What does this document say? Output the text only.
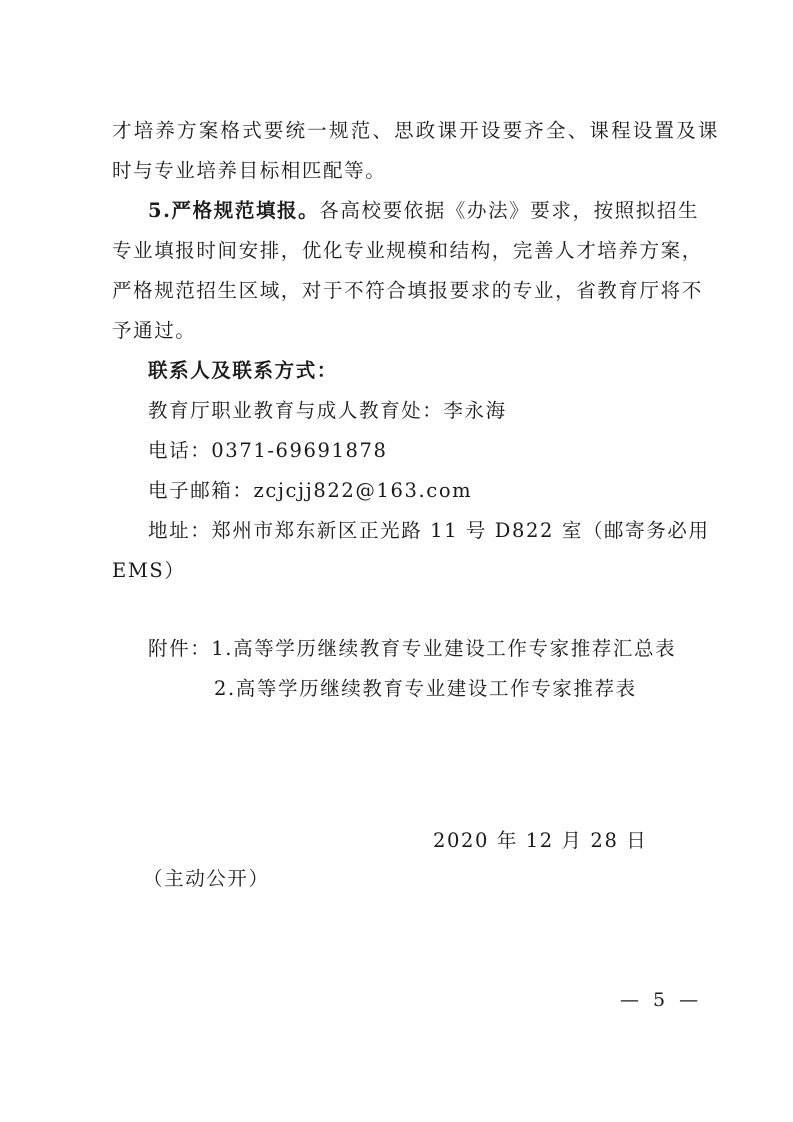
才培养方案格式要统一规范、思政课开设要齐全、课程设置及课
时与专业培养目标相匹配等。
5.严格规范填报。各高校要依据《办法》要求，按照拟招生
专业填报时间安排，优化专业规模和结构，完善人才培养方案，
严格规范招生区域，对于不符合填报要求的专业，省教育厅将不
予通过。
联系人及联系方式：
教育厅职业教育与成人教育处：李永海
电话：0371-69691878
电子邮箱：zcjcjj822@163.com
地址：郑州市郑东新区正光路 11 号 D822 室（邮寄务必用
EMS）
附件：1.高等学历继续教育专业建设工作专家推荐汇总表
2.高等学历继续教育专业建设工作专家推荐表
2020 年 12 月 28 日
（主动公开）
— 5 —
